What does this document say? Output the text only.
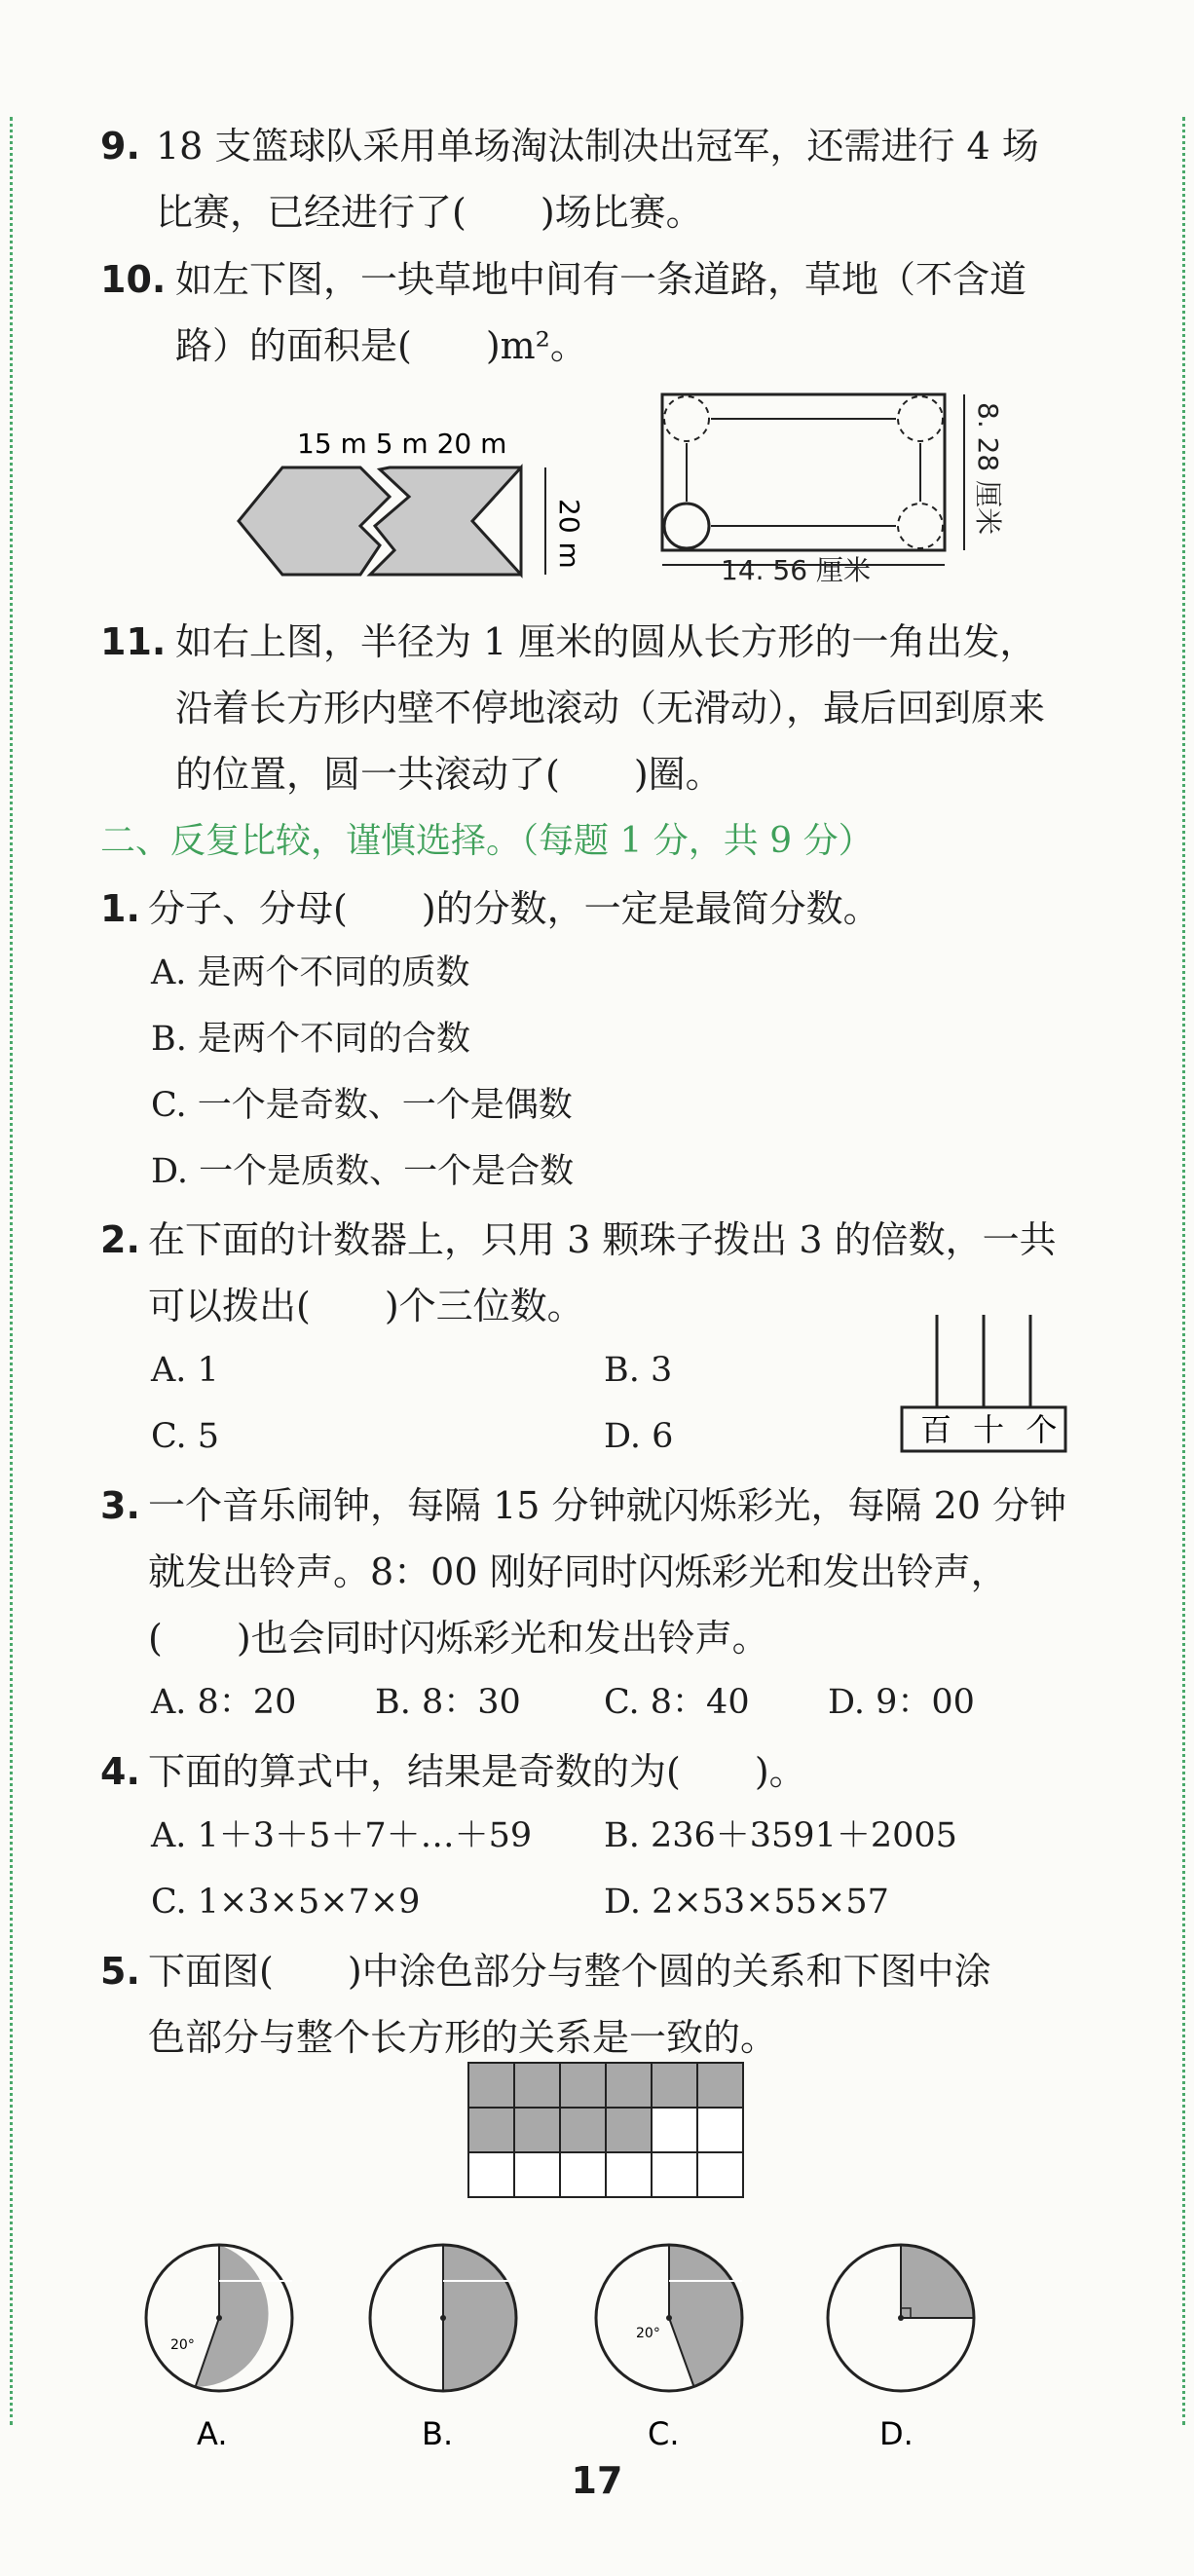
9. 18 支篮球队采用单场淘汰制决出冠军，还需进行 4 场
比赛，已经进行了(　　)场比赛。
10. 如左下图，一块草地中间有一条道路，草地（不含道
路）的面积是(　　)m²。
15 m 5 m 20 m
20 m
14. 56 厘米
8. 28 厘米
11. 如右上图，半径为 1 厘米的圆从长方形的一角出发，
沿着长方形内壁不停地滚动（无滑动），最后回到原来
的位置，圆一共滚动了(　　)圈。
二、反复比较，谨慎选择。（每题 1 分，共 9 分）
1. 分子、分母(　　)的分数，一定是最简分数。
A. 是两个不同的质数
B. 是两个不同的合数
C. 一个是奇数、一个是偶数
D. 一个是质数、一个是合数
2. 在下面的计数器上，只用 3 颗珠子拨出 3 的倍数，一共
可以拨出(　　)个三位数。
A. 1	B. 3
C. 5	D. 6	百 十 个
3. 一个音乐闹钟，每隔 15 分钟就闪烁彩光，每隔 20 分钟
就发出铃声。8：00 刚好同时闪烁彩光和发出铃声，
(　　)也会同时闪烁彩光和发出铃声。
A. 8：20 B. 8：30 C. 8：40 D. 9：00
4. 下面的算式中，结果是奇数的为(　　)。
A. 1＋3＋5＋7＋…＋59 B. 236＋3591＋2005
C. 1×3×5×7×9	D. 2×53×55×57
5. 下面图(　　)中涂色部分与整个圆的关系和下图中涂
色部分与整个长方形的关系是一致的。
20°
A.	B.
20°
C.	D.
17
